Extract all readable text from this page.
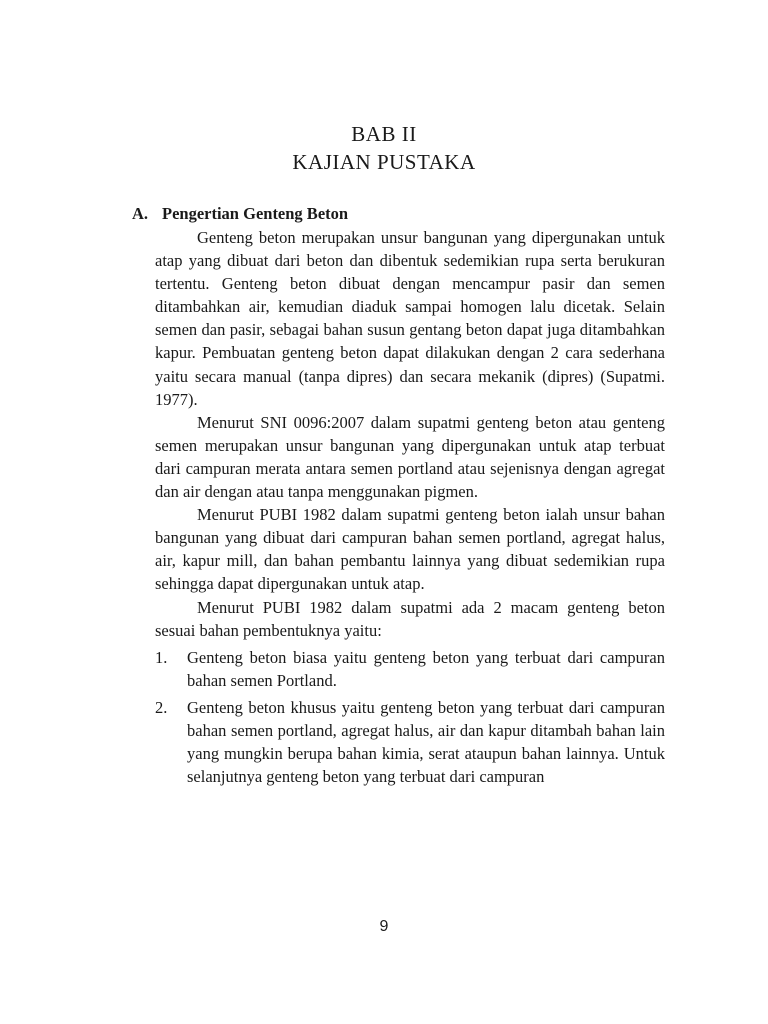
BAB II
KAJIAN PUSTAKA
A. Pengertian Genteng Beton

Genteng beton merupakan unsur bangunan yang dipergunakan untuk atap yang dibuat dari beton dan dibentuk sedemikian rupa serta berukuran tertentu. Genteng beton dibuat dengan mencampur pasir dan semen ditambahkan air, kemudian diaduk sampai homogen lalu dicetak. Selain semen dan pasir, sebagai bahan susun gentang beton dapat juga ditambahkan kapur. Pembuatan genteng beton dapat dilakukan dengan 2 cara sederhana yaitu secara manual (tanpa dipres) dan secara mekanik (dipres) (Supatmi. 1977).

Menurut SNI 0096:2007 dalam supatmi genteng beton atau genteng semen merupakan unsur bangunan yang dipergunakan untuk atap terbuat dari campuran merata antara semen portland atau sejenisnya dengan agregat dan air dengan atau tanpa menggunakan pigmen.

Menurut PUBI 1982 dalam supatmi genteng beton ialah unsur bahan bangunan yang dibuat dari campuran bahan semen portland, agregat halus, air, kapur mill, dan bahan pembantu lainnya yang dibuat sedemikian rupa sehingga dapat dipergunakan untuk atap.

Menurut PUBI 1982 dalam supatmi ada 2 macam genteng beton sesuai bahan pembentuknya yaitu:

1. Genteng beton biasa yaitu genteng beton yang terbuat dari campuran bahan semen Portland.
2. Genteng beton khusus yaitu genteng beton yang terbuat dari campuran bahan semen portland, agregat halus, air dan kapur ditambah bahan lain yang mungkin berupa bahan kimia, serat ataupun bahan lainnya. Untuk selanjutnya genteng beton yang terbuat dari campuran
9
